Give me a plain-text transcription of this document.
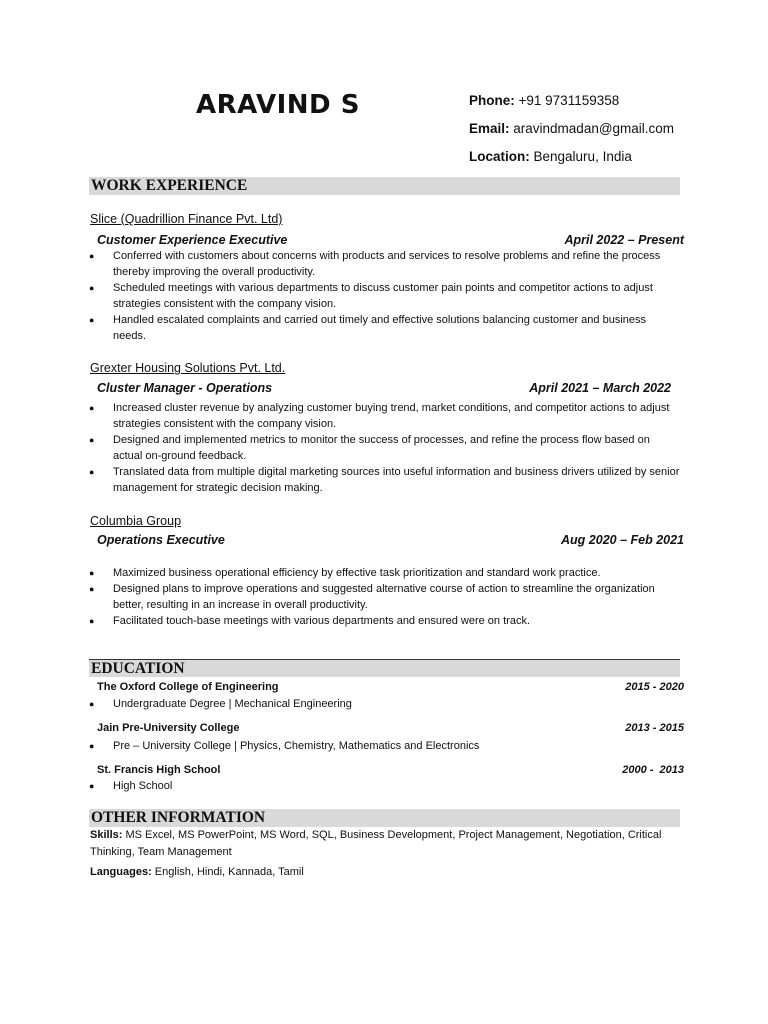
ARAVIND S	Phone: +91 9731159358
Email: aravindmadan@gmail.com
Location: Bengaluru, India
WORK EXPERIENCE
Slice (Quadrillion Finance Pvt. Ltd)
Customer Experience Executive	April 2022 – Present
● Conferred with customers about concerns with products and services to resolve problems and refine the process thereby improving the overall productivity.
● Scheduled meetings with various departments to discuss customer pain points and competitor actions to adjust strategies consistent with the company vision.
● Handled escalated complaints and carried out timely and effective solutions balancing customer and business needs.
Grexter Housing Solutions Pvt. Ltd.
Cluster Manager - Operations	April 2021 – March 2022
● Increased cluster revenue by analyzing customer buying trend, market conditions, and competitor actions to adjust strategies consistent with the company vision.
● Designed and implemented metrics to monitor the success of processes, and refine the process flow based on actual on-ground feedback.
● Translated data from multiple digital marketing sources into useful information and business drivers utilized by senior management for strategic decision making.
Columbia Group
Operations Executive	Aug 2020 – Feb 2021
● Maximized business operational efficiency by effective task prioritization and standard work practice.
● Designed plans to improve operations and suggested alternative course of action to streamline the organization better, resulting in an increase in overall productivity.
● Facilitated touch-base meetings with various departments and ensured were on track.
EDUCATION
The Oxford College of Engineering	2015 - 2020
● Undergraduate Degree | Mechanical Engineering
Jain Pre-University College	2013 - 2015
● Pre – University College | Physics, Chemistry, Mathematics and Electronics
St. Francis High School	2000 -  2013
● High School
OTHER INFORMATION
Skills: MS Excel, MS PowerPoint, MS Word, SQL, Business Development, Project Management, Negotiation, Critical Thinking, Team Management
Languages: English, Hindi, Kannada, Tamil
